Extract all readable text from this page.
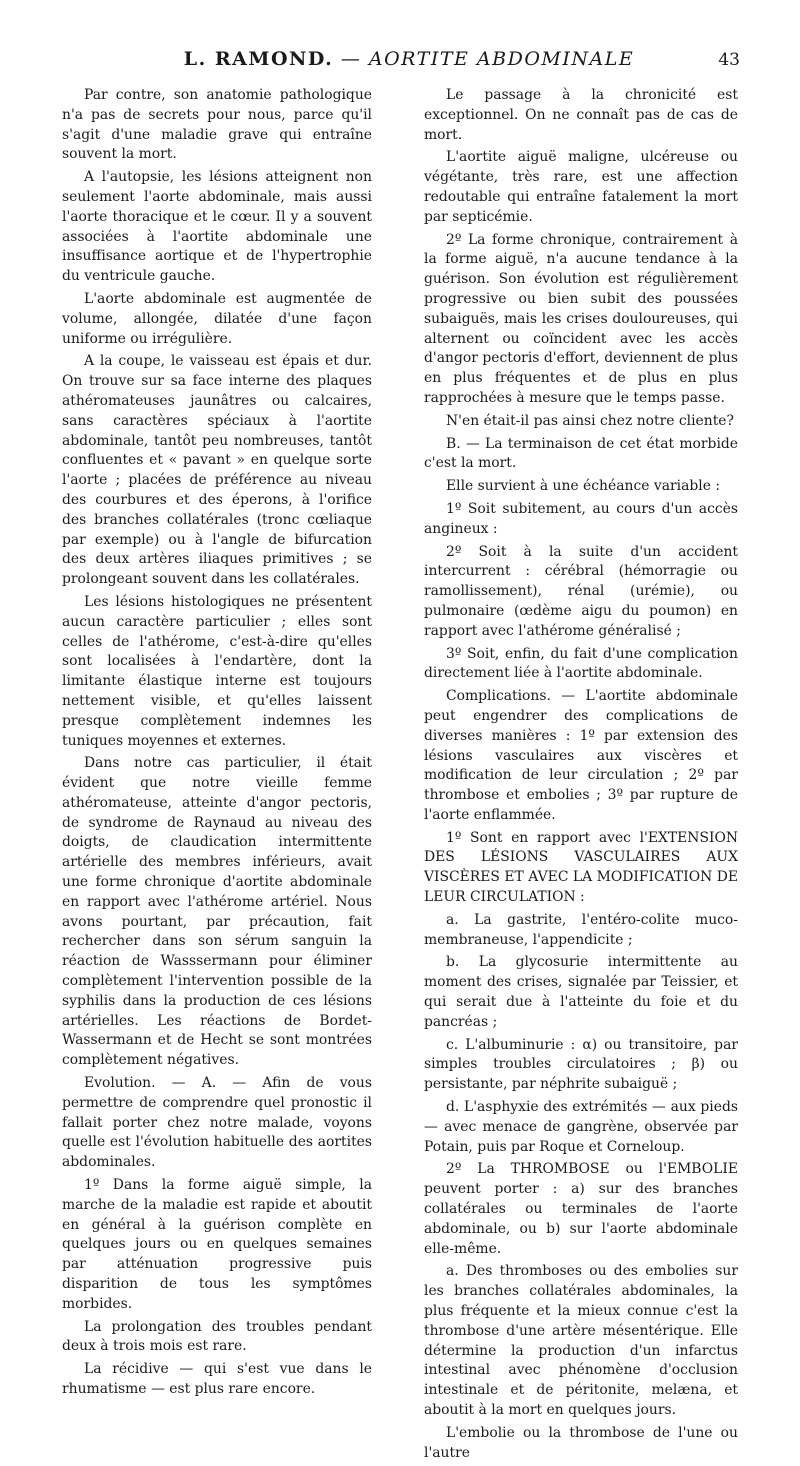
L. RAMOND. — AORTITE ABDOMINALE	43

Par contre, son anatomie pathologique n'a pas de secrets pour nous, parce qu'il s'agit d'une maladie grave qui entraîne souvent la mort.

A l'autopsie, les lésions atteignent non seulement l'aorte abdominale, mais aussi l'aorte thoracique et le cœur. Il y a souvent associées à l'aortite abdominale une insuffisance aortique et de l'hypertrophie du ventricule gauche.

L'aorte abdominale est augmentée de volume, allongée, dilatée d'une façon uniforme ou irrégulière.

A la coupe, le vaisseau est épais et dur. On trouve sur sa face interne des plaques athéromateuses jaunâtres ou calcaires, sans caractères spéciaux à l'aortite abdominale, tantôt peu nombreuses, tantôt confluentes et « pavant » en quelque sorte l'aorte ; placées de préférence au niveau des courbures et des éperons, à l'orifice des branches collatérales (tronc cœliaque par exemple) ou à l'angle de bifurcation des deux artères iliaques primitives ; se prolongeant souvent dans les collatérales.

Les lésions histologiques ne présentent aucun caractère particulier ; elles sont celles de l'athérome, c'est-à-dire qu'elles sont localisées à l'endartère, dont la limitante élastique interne est toujours nettement visible, et qu'elles laissent presque complètement indemnes les tuniques moyennes et externes.

Dans notre cas particulier, il était évident que notre vieille femme athéromateuse, atteinte d'angor pectoris, de syndrome de Raynaud au niveau des doigts, de claudication intermittente artérielle des membres inférieurs, avait une forme chronique d'aortite abdominale en rapport avec l'athérome artériel. Nous avons pourtant, par précaution, fait rechercher dans son sérum sanguin la réaction de Wasssermann pour éliminer complètement l'intervention possible de la syphilis dans la production de ces lésions artérielles. Les réactions de Bordet-Wassermann et de Hecht se sont montrées complètement négatives.

Evolution. — A. — Afin de vous permettre de comprendre quel pronostic il fallait porter chez notre malade, voyons quelle est l'évolution habituelle des aortites abdominales.

1º Dans la forme aiguë simple, la marche de la maladie est rapide et aboutit en général à la guérison complète en quelques jours ou en quelques semaines par atténuation progressive puis disparition de tous les symptômes morbides.

La prolongation des troubles pendant deux à trois mois est rare.

La récidive — qui s'est vue dans le rhumatisme — est plus rare encore.

Le passage à la chronicité est exceptionnel. On ne connaît pas de cas de mort.

L'aortite aiguë maligne, ulcéreuse ou végétante, très rare, est une affection redoutable qui entraîne fatalement la mort par septicémie.

2º La forme chronique, contrairement à la forme aiguë, n'a aucune tendance à la guérison. Son évolution est régulièrement progressive ou bien subit des poussées subaiguës, mais les crises douloureuses, qui alternent ou coïncident avec les accès d'angor pectoris d'effort, deviennent de plus en plus fréquentes et de plus en plus rapprochées à mesure que le temps passe.

N'en était-il pas ainsi chez notre cliente?

B. — La terminaison de cet état morbide c'est la mort.

Elle survient à une échéance variable :

1º Soit subitement, au cours d'un accès angineux :

2º Soit à la suite d'un accident intercurrent : cérébral (hémorragie ou ramollissement), rénal (urémie), ou pulmonaire (œdème aigu du poumon) en rapport avec l'athérome généralisé ;

3º Soit, enfin, du fait d'une complication directement liée à l'aortite abdominale.

Complications. — L'aortite abdominale peut engendrer des complications de diverses manières : 1º par extension des lésions vasculaires aux viscères et modification de leur circulation ; 2º par thrombose et embolies ; 3º par rupture de l'aorte enflammée.

1º Sont en rapport avec l'EXTENSION DES LÉSIONS VASCULAIRES AUX VISCÈRES ET AVEC LA MODIFICATION DE LEUR CIRCULATION :

a. La gastrite, l'entéro-colite muco-membraneuse, l'appendicite ;

b. La glycosurie intermittente au moment des crises, signalée par Teissier, et qui serait due à l'atteinte du foie et du pancréas ;

c. L'albuminurie : α) ou transitoire, par simples troubles circulatoires ; β) ou persistante, par néphrite subaiguë ;

d. L'asphyxie des extrémités — aux pieds — avec menace de gangrène, observée par Potain, puis par Roque et Corneloup.

2º La THROMBOSE ou l'EMBOLIE peuvent porter : a) sur des branches collatérales ou terminales de l'aorte abdominale, ou b) sur l'aorte abdominale elle-même.

a. Des thromboses ou des embolies sur les branches collatérales abdominales, la plus fréquente et la mieux connue c'est la thrombose d'une artère mésentérique. Elle détermine la production d'un infarctus intestinal avec phénomène d'occlusion intestinale et de péritonite, melæna, et aboutit à la mort en quelques jours.

L'embolie ou la thrombose de l'une ou l'autre
